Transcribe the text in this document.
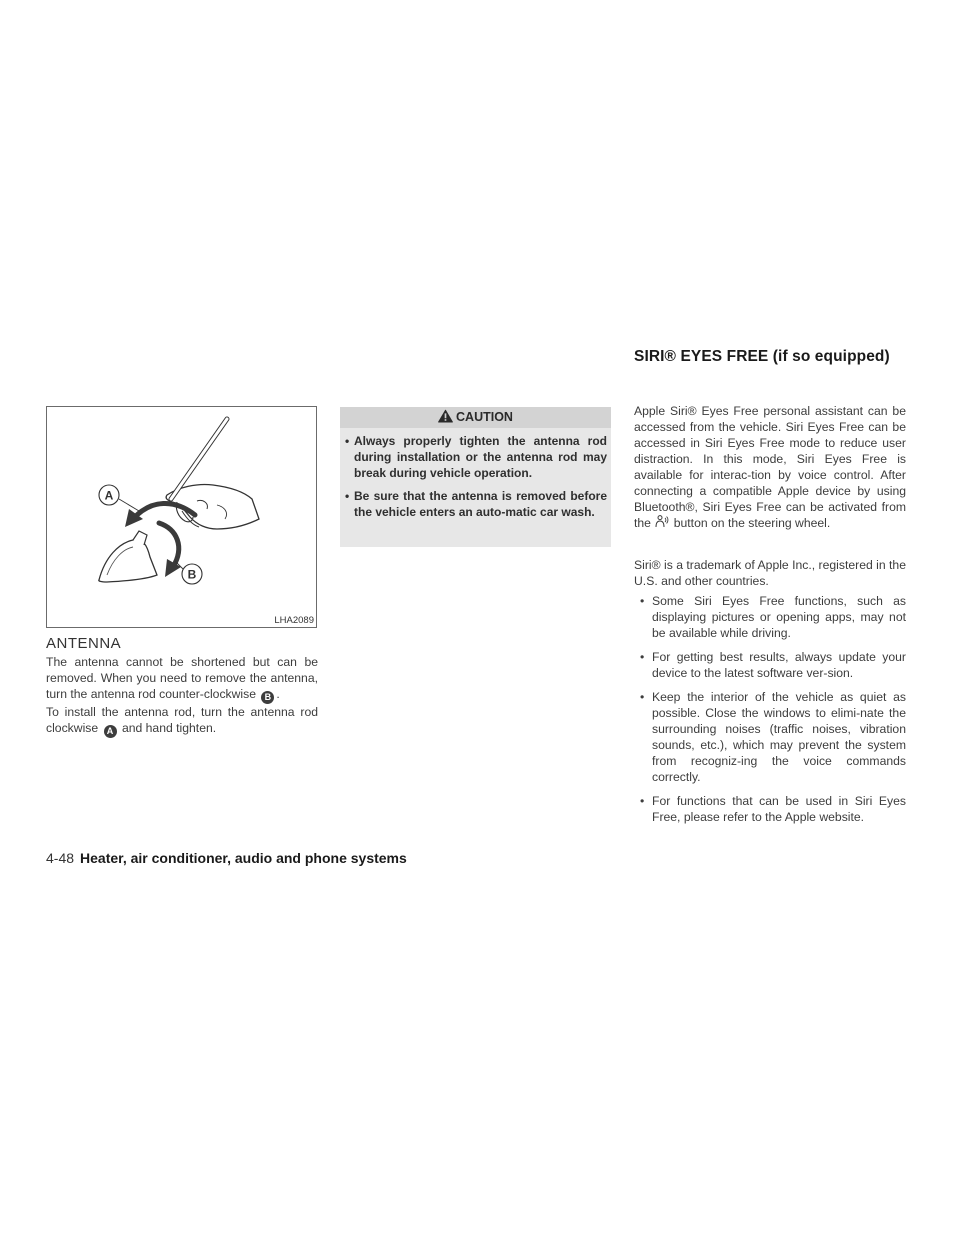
SIRI® EYES FREE (if so equipped)
A
B
LHA2089
ANTENNA
The antenna cannot be shortened but can be removed. When you need to remove the antenna, turn the antenna rod counter-clockwise B .
To install the antenna rod, turn the antenna rod clockwise A and hand tighten.
CAUTION
• Always properly tighten the antenna rod during installation or the antenna rod may break during vehicle operation.
• Be sure that the antenna is removed before the vehicle enters an auto-matic car wash.
Apple Siri® Eyes Free personal assistant can be accessed from the vehicle. Siri Eyes Free can be accessed in Siri Eyes Free mode to reduce user distraction. In this mode, Siri Eyes Free is available for interac-tion by voice control. After connecting a compatible Apple device by using Bluetooth®, Siri Eyes Free can be activated from the button on the steering wheel.
Siri® is a trademark of Apple Inc., registered in the U.S. and other countries.
• Some Siri Eyes Free functions, such as displaying pictures or opening apps, may not be available while driving.
• For getting best results, always update your device to the latest software ver-sion.
• Keep the interior of the vehicle as quiet as possible. Close the windows to elimi-nate the surrounding noises (traffic noises, vibration sounds, etc.), which may prevent the system from recogniz-ing the voice commands correctly.
• For functions that can be used in Siri Eyes Free, please refer to the Apple website.
4-48 Heater, air conditioner, audio and phone systems
